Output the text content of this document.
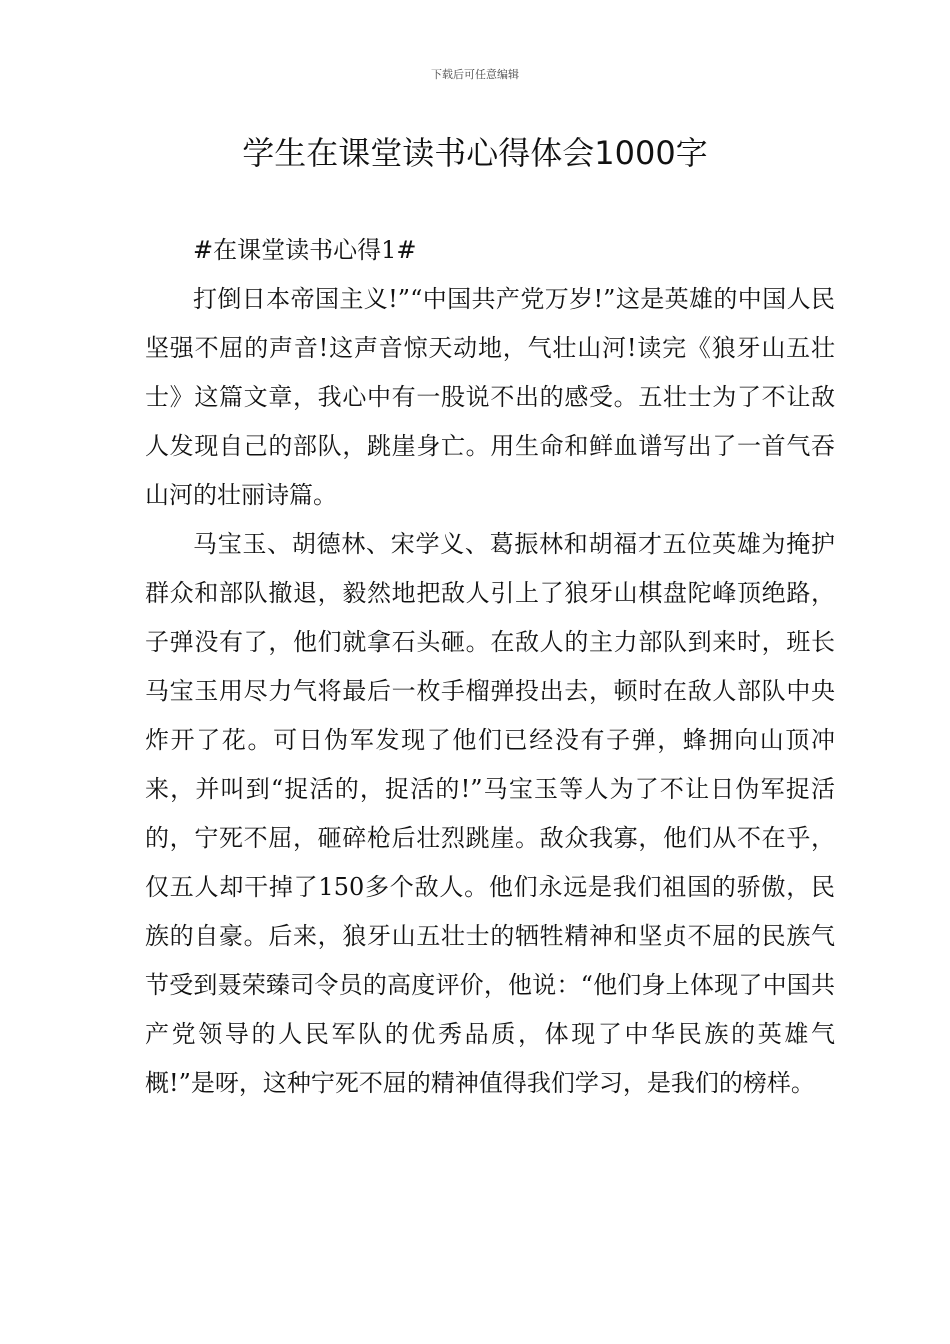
下载后可任意编辑
学生在课堂读书心得体会1000字

#在课堂读书心得1#

打倒日本帝国主义!”“中国共产党万岁!”这是英雄的中国人民坚强不屈的声音!这声音惊天动地，气壮山河!读完《狼牙山五壮士》这篇文章，我心中有一股说不出的感受。五壮士为了不让敌人发现自己的部队，跳崖身亡。用生命和鲜血谱写出了一首气吞山河的壮丽诗篇。

马宝玉、胡德林、宋学义、葛振林和胡福才五位英雄为掩护群众和部队撤退，毅然地把敌人引上了狼牙山棋盘陀峰顶绝路，子弹没有了，他们就拿石头砸。在敌人的主力部队到来时，班长马宝玉用尽力气将最后一枚手榴弹投出去，顿时在敌人部队中央炸开了花。可日伪军发现了他们已经没有子弹，蜂拥向山顶冲来，并叫到“捉活的，捉活的!”马宝玉等人为了不让日伪军捉活的，宁死不屈，砸碎枪后壮烈跳崖。敌众我寡，他们从不在乎，仅五人却干掉了150多个敌人。他们永远是我们祖国的骄傲，民族的自豪。后来，狼牙山五壮士的牺牲精神和坚贞不屈的民族气节受到聂荣臻司令员的高度评价，他说：“他们身上体现了中国共产党领导的人民军队的优秀品质，体现了中华民族的英雄气概!”是呀，这种宁死不屈的精神值得我们学习，是我们的榜样。
